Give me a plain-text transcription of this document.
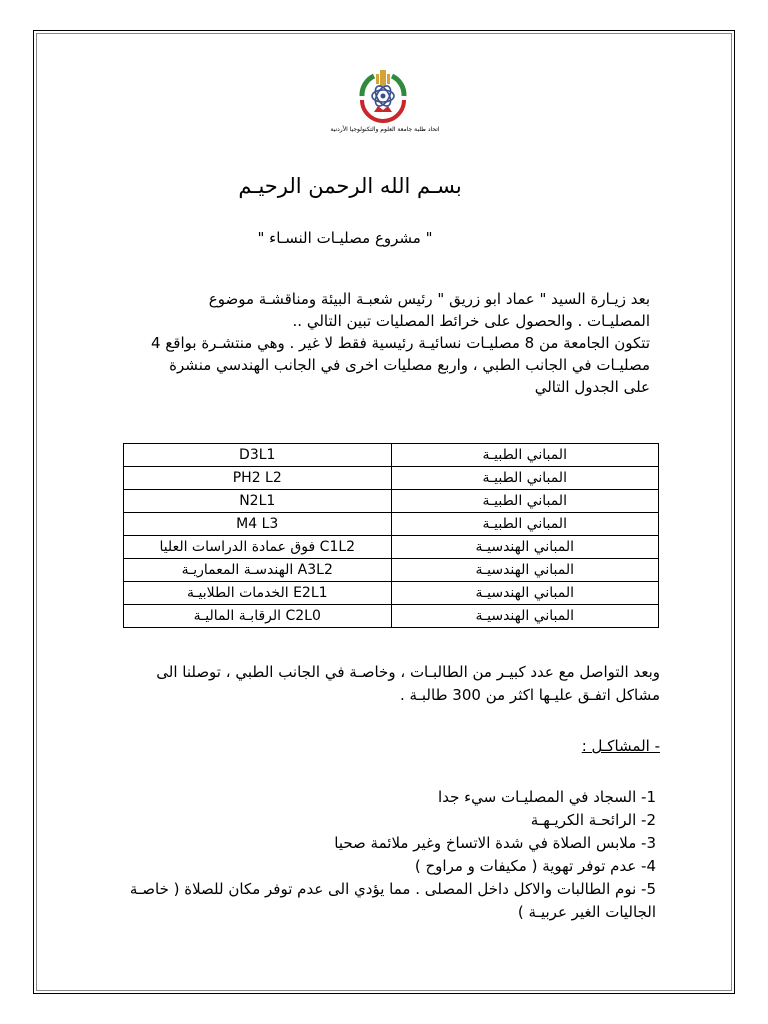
اتحاد طلبة جامعة العلوم والتكنولوجيا الأردنية
بسـم الله الرحمن الرحيـم
" مشروع مصليـات النسـاء "

بعد زيـارة السيد " عماد ابو زريق " رئيس شعبـة البيئة ومناقشـة موضوع المصليـات . والحصول على خرائط المصليات تبين التالي ..

تتكون الجامعة من 8 مصليـات نسائيـة رئيسية فقط لا غير . وهي منتشـرة بواقع 4 مصليـات في الجانب الطبي ، واربع مصليات اخرى في الجانب الهندسي منشرة على الجدول التالي

D3L1	المباني الطبيـة
PH2 L2	المباني الطبيـة
N2L1	المباني الطبيـة
M4 L3	المباني الطبيـة
C1L2 فوق عمادة الدراسات العليا	المباني الهندسيـة
A3L2 الهندسـة المعماريـة	المباني الهندسيـة
E2L1 الخدمات الطلابيـة	المباني الهندسيـة
C2L0 الرقابـة الماليـة	المباني الهندسيـة

وبعد التواصل مع عدد كبيـر من الطالبـات ، وخاصـة في الجانب الطبي ، توصلنا الى مشاكل اتفـق عليـها اكثر من 300 طالبـة .

- المشاكـل :
1- السجاد في المصليـات سيء جدا
2- الرائحـة الكريـهـة
3- ملابس الصلاة في شدة الاتساخ وغير ملائمة صحيا
4- عدم توفر تهوية ( مكيفات و مراوح )
5- نوم الطالبات والاكل داخل المصلى . مما يؤدي الى عدم توفر مكان للصلاة ( خاصـة الجاليات الغير عربيـة )
